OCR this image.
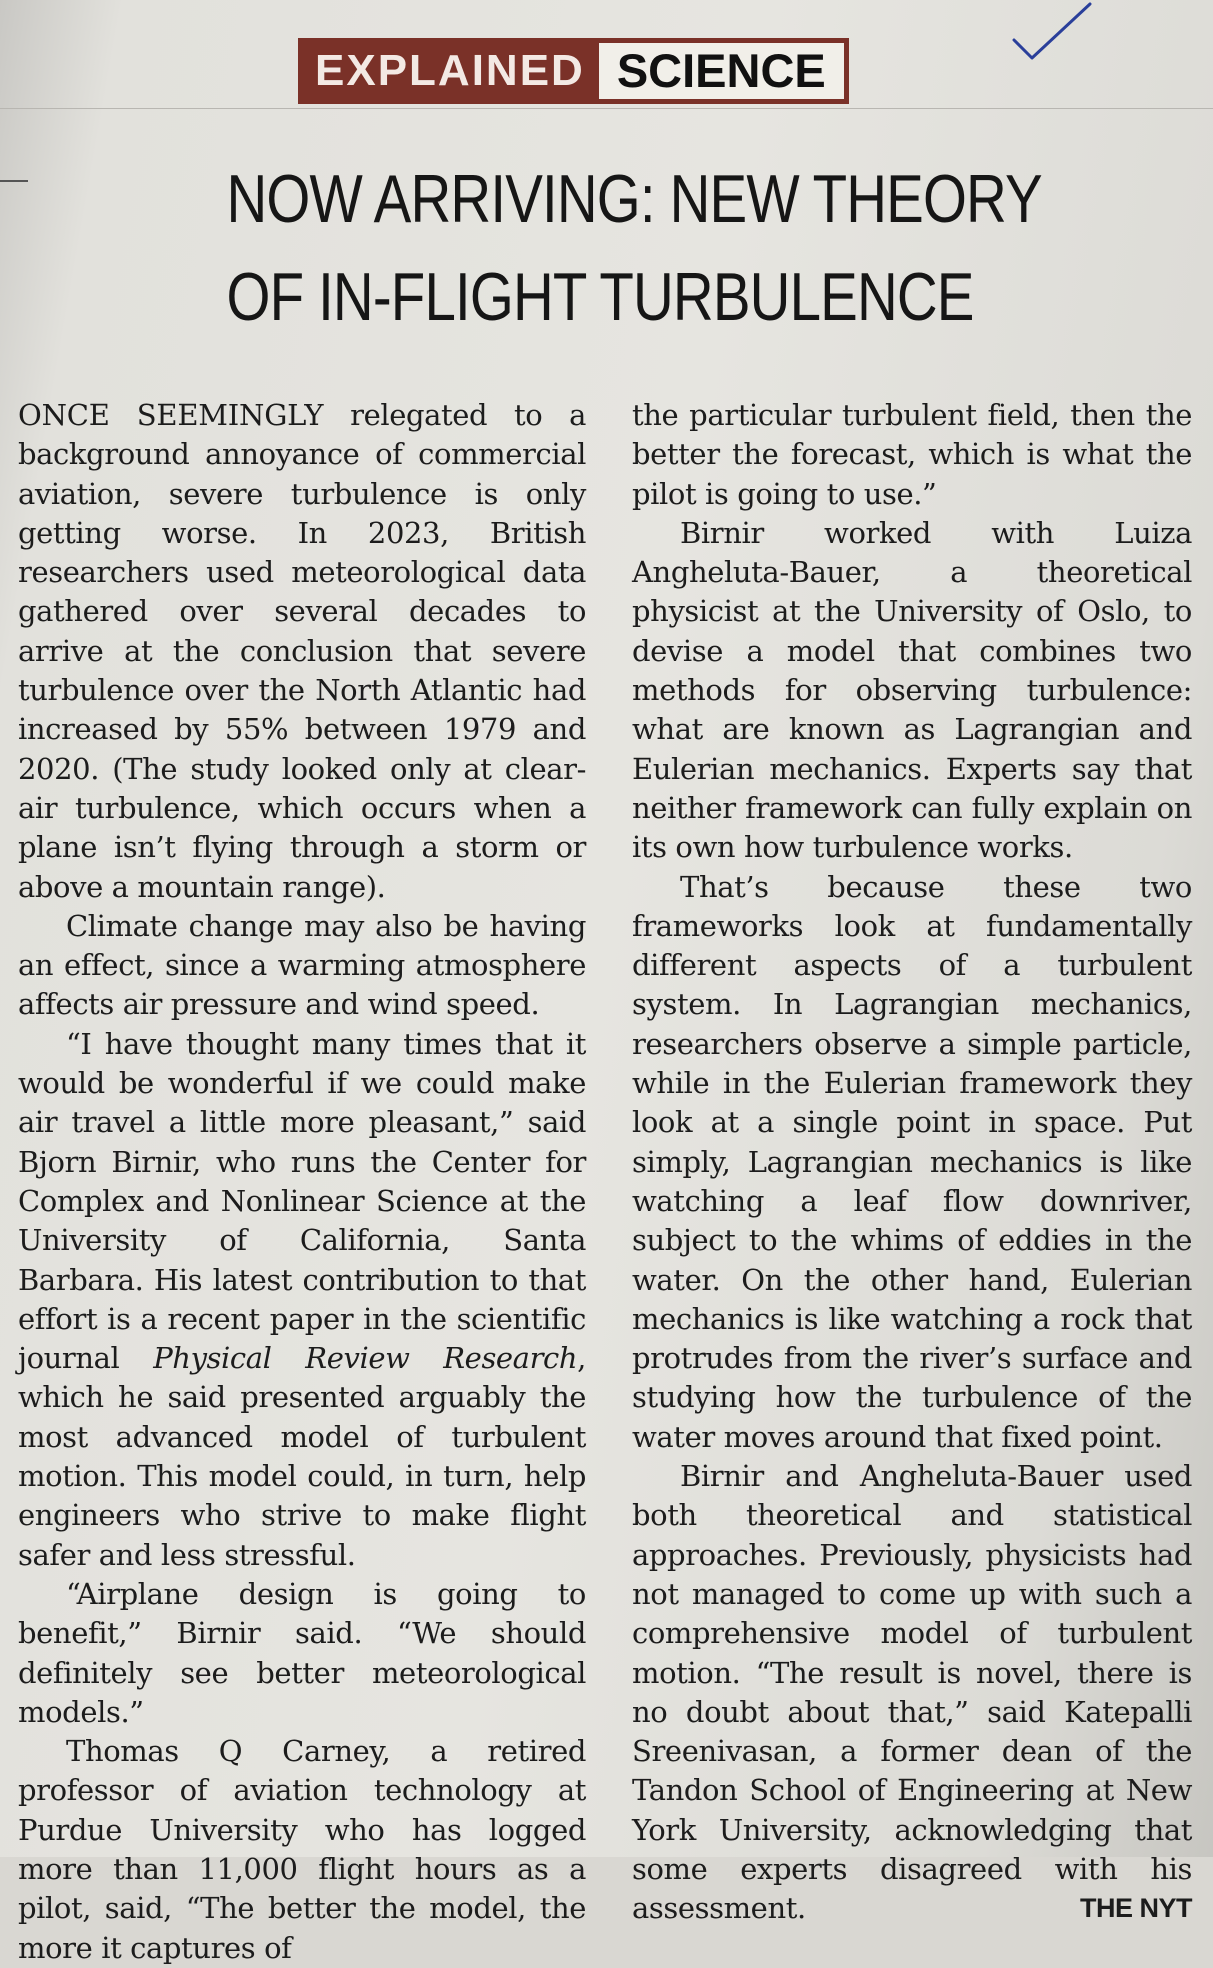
EXPLAINED SCIENCE
NOW ARRIVING: NEW THEORY
OF IN-FLIGHT TURBULENCE

ONCE SEEMINGLY relegated to a background annoyance of commercial aviation, severe turbulence is only getting worse. In 2023, British researchers used meteorological data gathered over several decades to arrive at the conclusion that severe turbulence over the North Atlantic had increased by 55% between 1979 and 2020. (The study looked only at clear-air turbulence, which occurs when a plane isn’t flying through a storm or above a mountain range).

Climate change may also be having an effect, since a warming atmosphere affects air pressure and wind speed.

“I have thought many times that it would be wonderful if we could make air travel a little more pleasant,” said Bjorn Birnir, who runs the Center for Complex and Nonlinear Science at the University of California, Santa Barbara. His latest contribution to that effort is a recent paper in the scientific journal Physical Review Research, which he said presented arguably the most advanced model of turbulent motion. This model could, in turn, help engineers who strive to make flight safer and less stressful.

“Airplane design is going to benefit,” Birnir said. “We should definitely see better meteorological models.”

Thomas Q Carney, a retired professor of aviation technology at Purdue University who has logged more than 11,000 flight hours as a pilot, said, “The better the model, the more it captures of

the particular turbulent field, then the better the forecast, which is what the pilot is going to use.”

Birnir worked with Luiza Angheluta-Bauer, a theoretical physicist at the University of Oslo, to devise a model that combines two methods for observing turbulence: what are known as Lagrangian and Eulerian mechanics. Experts say that neither framework can fully explain on its own how turbulence works.

That’s because these two frameworks look at fundamentally different aspects of a turbulent system. In Lagrangian mechanics, researchers observe a simple particle, while in the Eulerian framework they look at a single point in space. Put simply, Lagrangian mechanics is like watching a leaf flow downriver, subject to the whims of eddies in the water. On the other hand, Eulerian mechanics is like watching a rock that protrudes from the river’s surface and studying how the turbulence of the water moves around that fixed point.

Birnir and Angheluta-Bauer used both theoretical and statistical approaches. Previously, physicists had not managed to come up with such a comprehensive model of turbulent motion. “The result is novel, there is no doubt about that,” said Katepalli Sreenivasan, a former dean of the Tandon School of Engineering at New York University, acknowledging that some experts disagreed with his assessment.	THE NYT
